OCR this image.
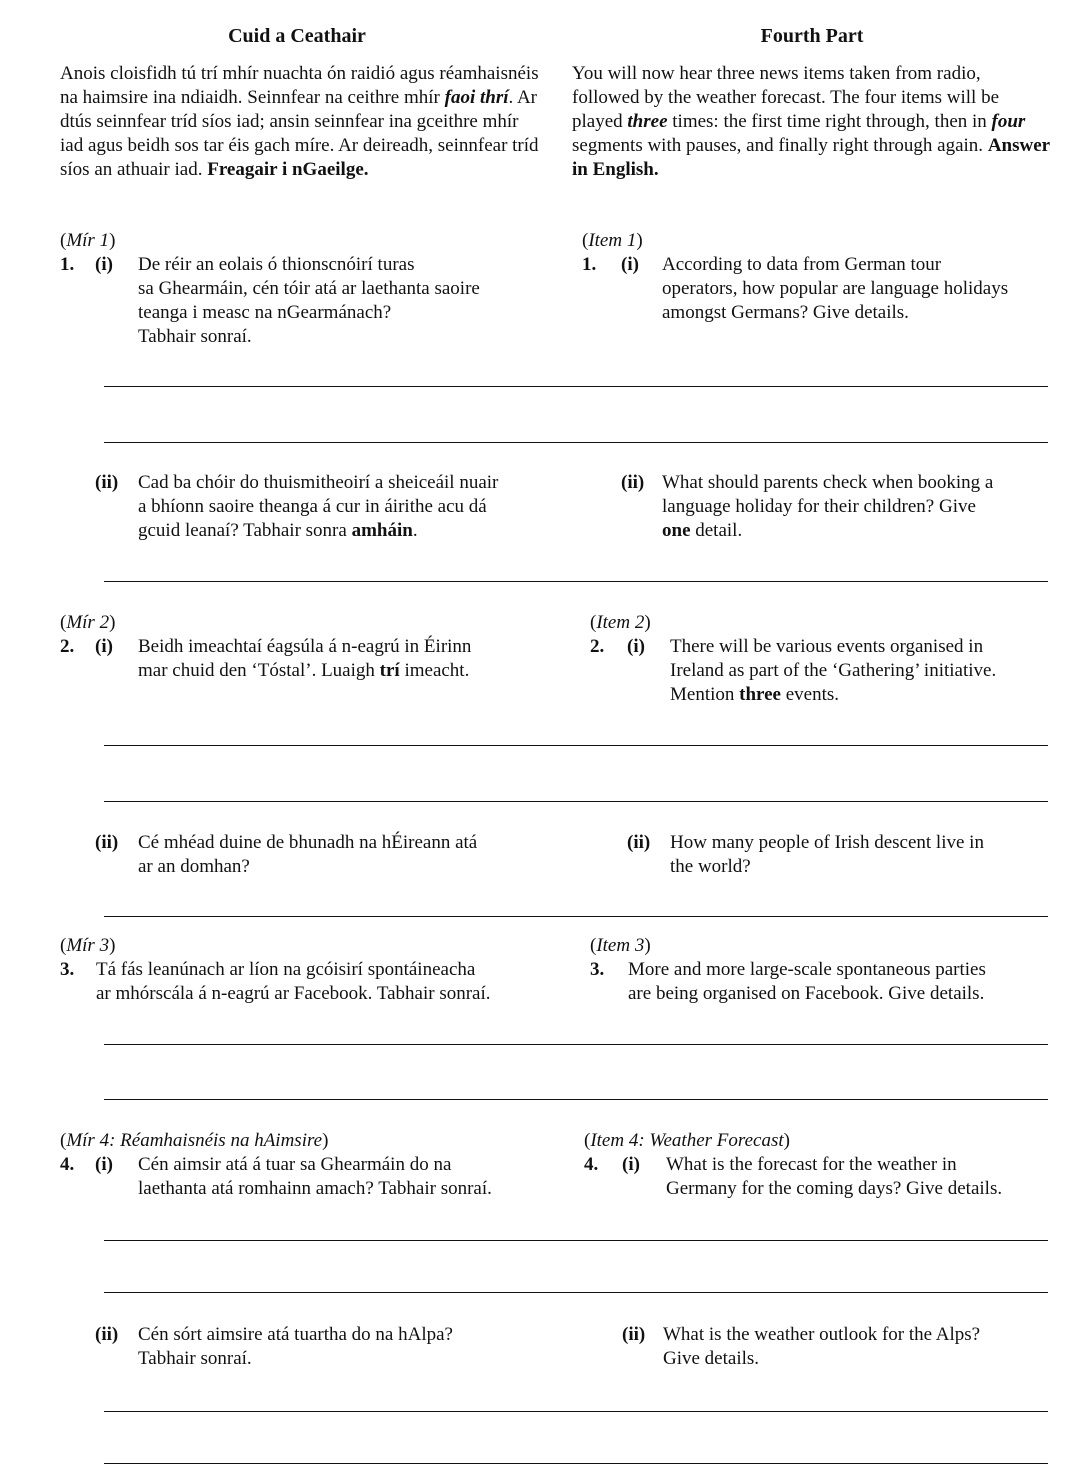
Cuid a Ceathair	Fourth Part

Anois cloisfidh tú trí mhír nuachta ón raidió agus réamhaisnéis na haimsire ina ndiaidh. Seinnfear na ceithre mhír faoi thrí. Ar dtús seinnfear tríd síos iad; ansin seinnfear ina gceithre mhír iad agus beidh sos tar éis gach míre. Ar deireadh, seinnfear tríd síos an athuair iad. Freagair i nGaeilge.

You will now hear three news items taken from radio, followed by the weather forecast. The four items will be played three times: the first time right through, then in four segments with pauses, and finally right through again. Answer in English.

(Mír 1)
1. (i) De réir an eolais ó thionscnóirí turas
sa Ghearmáin, cén tóir atá ar laethanta saoire
teanga i measc na nGearmánach?
Tabhair sonraí.
(Item 1)
1. (i) According to data from German tour
operators, how popular are language holidays
amongst Germans? Give details.
(ii) Cad ba chóir do thuismitheoirí a sheiceáil nuair
a bhíonn saoire theanga á cur in áirithe acu dá
gcuid leanaí? Tabhair sonra amháin.
(ii) What should parents check when booking a
language holiday for their children? Give
one detail.
(Mír 2)
2. (i) Beidh imeachtaí éagsúla á n-eagrú in Éirinn
mar chuid den ‘Tóstal’. Luaigh trí imeacht.
(Item 2)
2. (i) There will be various events organised in
Ireland as part of the ‘Gathering’ initiative.
Mention three events.
(ii) Cé mhéad duine de bhunadh na hÉireann atá
ar an domhan?
(ii) How many people of Irish descent live in
the world?
(Mír 3)
3. Tá fás leanúnach ar líon na gcóisirí spontáineacha
ar mhórscála á n-eagrú ar Facebook. Tabhair sonraí.
(Item 3)
3. More and more large-scale spontaneous parties
are being organised on Facebook. Give details.
(Mír 4: Réamhaisnéis na hAimsire)
4. (i) Cén aimsir atá á tuar sa Ghearmáin do na
laethanta atá romhainn amach? Tabhair sonraí.
(Item 4: Weather Forecast)
4. (i) What is the forecast for the weather in
Germany for the coming days? Give details.
(ii) Cén sórt aimsire atá tuartha do na hAlpa?
Tabhair sonraí.
(ii) What is the weather outlook for the Alps?
Give details.
